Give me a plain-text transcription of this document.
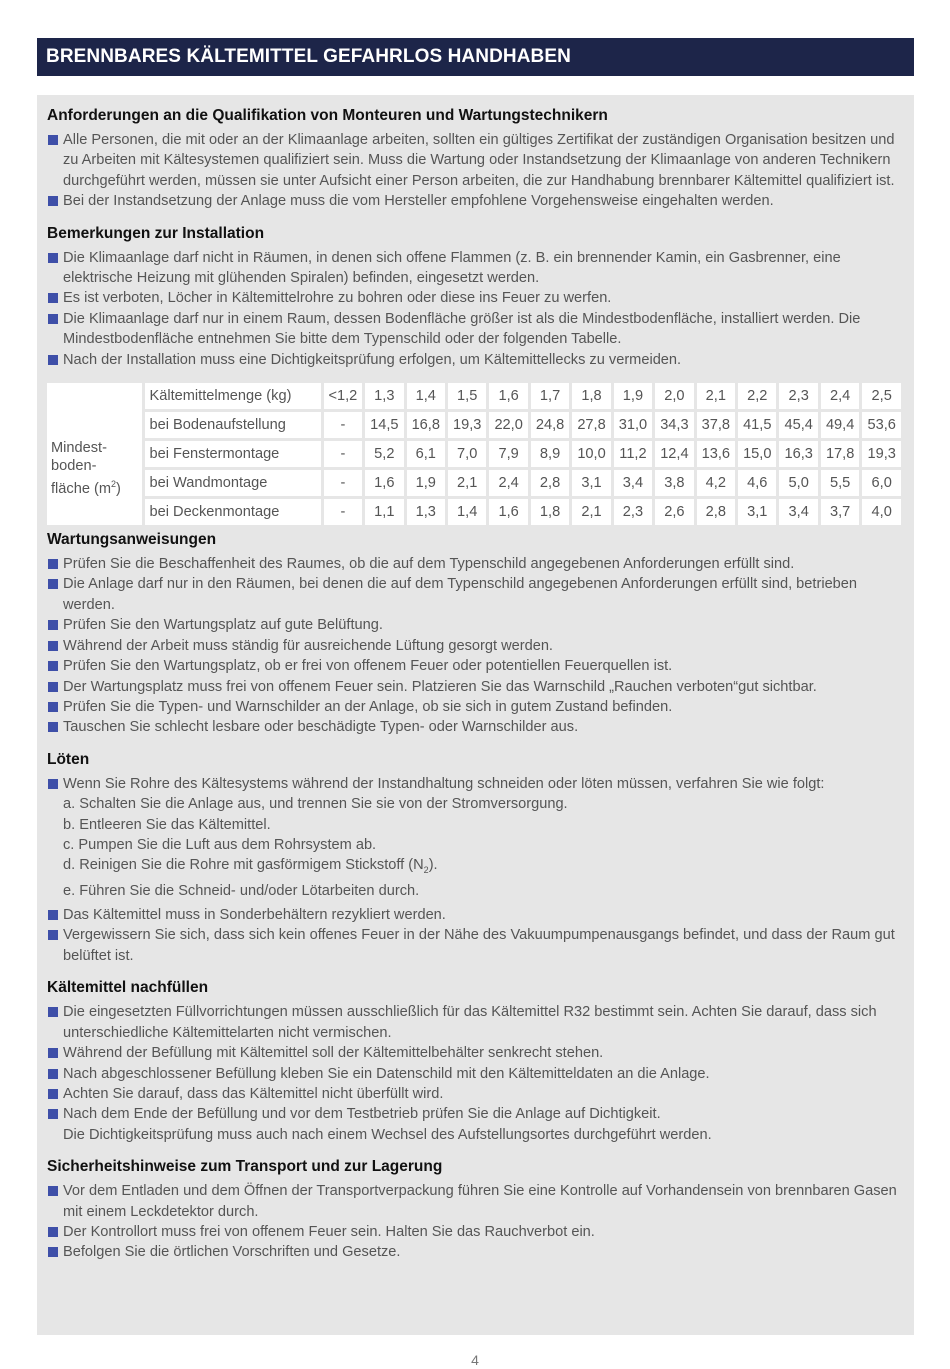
BRENNBARES KÄLTEMITTEL GEFAHRLOS HANDHABEN
Anforderungen an die Qualifikation von Monteuren und Wartungstechnikern
Alle Personen, die mit oder an der Klimaanlage arbeiten, sollten ein gültiges Zertifikat der zuständigen Organisation besitzen und zu Arbeiten mit Kältesystemen qualifiziert sein. Muss die Wartung oder Instandsetzung der Klimaanlage von anderen Technikern durchgeführt werden, müssen sie unter Aufsicht einer Person arbeiten, die zur Handhabung brennbarer Kältemittel qualifiziert ist.
Bei der Instandsetzung der Anlage muss die vom Hersteller empfohlene Vorgehensweise eingehalten werden.
Bemerkungen zur Installation
Die Klimaanlage darf nicht in Räumen, in denen sich offene Flammen (z. B. ein brennender Kamin, ein Gasbrenner, eine elektrische Heizung mit glühenden Spiralen) befinden, eingesetzt werden.
Es ist verboten, Löcher in Kältemittelrohre zu bohren oder diese ins Feuer zu werfen.
Die Klimaanlage darf nur in einem Raum, dessen Bodenfläche größer ist als die Mindestbodenfläche, installiert werden. Die Mindestbodenfläche entnehmen Sie bitte dem Typenschild oder der folgenden Tabelle.
Nach der Installation muss eine Dichtigkeitsprüfung erfolgen, um Kältemittellecks zu vermeiden.
Mindest-
boden-
fläche $(m^2)$	Kältemittelmenge (kg)	<1,2	1,3	1,4	1,5	1,6	1,7	1,8	1,9	2,0	2,1	2,2	2,3	2,4	2,5
	bei Bodenaufstellung	-	14,5	16,8	19,3	22,0	24,8	27,8	31,0	34,3	37,8	41,5	45,4	49,4	53,6
	bei Fenstermontage	-	5,2	6,1	7,0	7,9	8,9	10,0	11,2	12,4	13,6	15,0	16,3	17,8	19,3
	bei Wandmontage	-	1,6	1,9	2,1	2,4	2,8	3,1	3,4	3,8	4,2	4,6	5,0	5,5	6,0
	bei Deckenmontage	-	1,1	1,3	1,4	1,6	1,8	2,1	2,3	2,6	2,8	3,1	3,4	3,7	4,0
Wartungsanweisungen
Prüfen Sie die Beschaffenheit des Raumes, ob die auf dem Typenschild angegebenen Anforderungen erfüllt sind.
Die Anlage darf nur in den Räumen, bei denen die auf dem Typenschild angegebenen Anforderungen erfüllt sind, betrieben werden.
Prüfen Sie den Wartungsplatz auf gute Belüftung.
Während der Arbeit muss ständig für ausreichende Lüftung gesorgt werden.
Prüfen Sie den Wartungsplatz, ob er frei von offenem Feuer oder potentiellen Feuerquellen ist.
Der Wartungsplatz muss frei von offenem Feuer sein. Platzieren Sie das Warnschild „Rauchen verboten“gut sichtbar.
Prüfen Sie die Typen- und Warnschilder an der Anlage, ob sie sich in gutem Zustand befinden.
Tauschen Sie schlecht lesbare oder beschädigte Typen- oder Warnschilder aus.
Löten
Wenn Sie Rohre des Kältesystems während der Instandhaltung schneiden oder löten müssen, verfahren Sie wie folgt:
a. Schalten Sie die Anlage aus, und trennen Sie sie von der Stromversorgung.
b. Entleeren Sie das Kältemittel.
c. Pumpen Sie die Luft aus dem Rohrsystem ab.
d. Reinigen Sie die Rohre mit gasförmigem Stickstoff $(N_2)$.
e. Führen Sie die Schneid- und/oder Lötarbeiten durch.
Das Kältemittel muss in Sonderbehältern rezykliert werden.
Vergewissern Sie sich, dass sich kein offenes Feuer in der Nähe des Vakuumpumpenausgangs befindet, und dass der Raum gut belüftet ist.
Kältemittel nachfüllen
Die eingesetzten Füllvorrichtungen müssen ausschließlich für das Kältemittel R32 bestimmt sein. Achten Sie darauf, dass sich unterschiedliche Kältemittelarten nicht vermischen.
Während der Befüllung mit Kältemittel soll der Kältemittelbehälter senkrecht stehen.
Nach abgeschlossener Befüllung kleben Sie ein Datenschild mit den Kältemitteldaten an die Anlage.
Achten Sie darauf, dass das Kältemittel nicht überfüllt wird.
Nach dem Ende der Befüllung und vor dem Testbetrieb prüfen Sie die Anlage auf Dichtigkeit.
Die Dichtigkeitsprüfung muss auch nach einem Wechsel des Aufstellungsortes durchgeführt werden.
Sicherheitshinweise zum Transport und zur Lagerung
Vor dem Entladen und dem Öffnen der Transportverpackung führen Sie eine Kontrolle auf Vorhandensein von brennbaren Gasen mit einem Leckdetektor durch.
Der Kontrollort muss frei von offenem Feuer sein. Halten Sie das Rauchverbot ein.
Befolgen Sie die örtlichen Vorschriften und Gesetze.
4
